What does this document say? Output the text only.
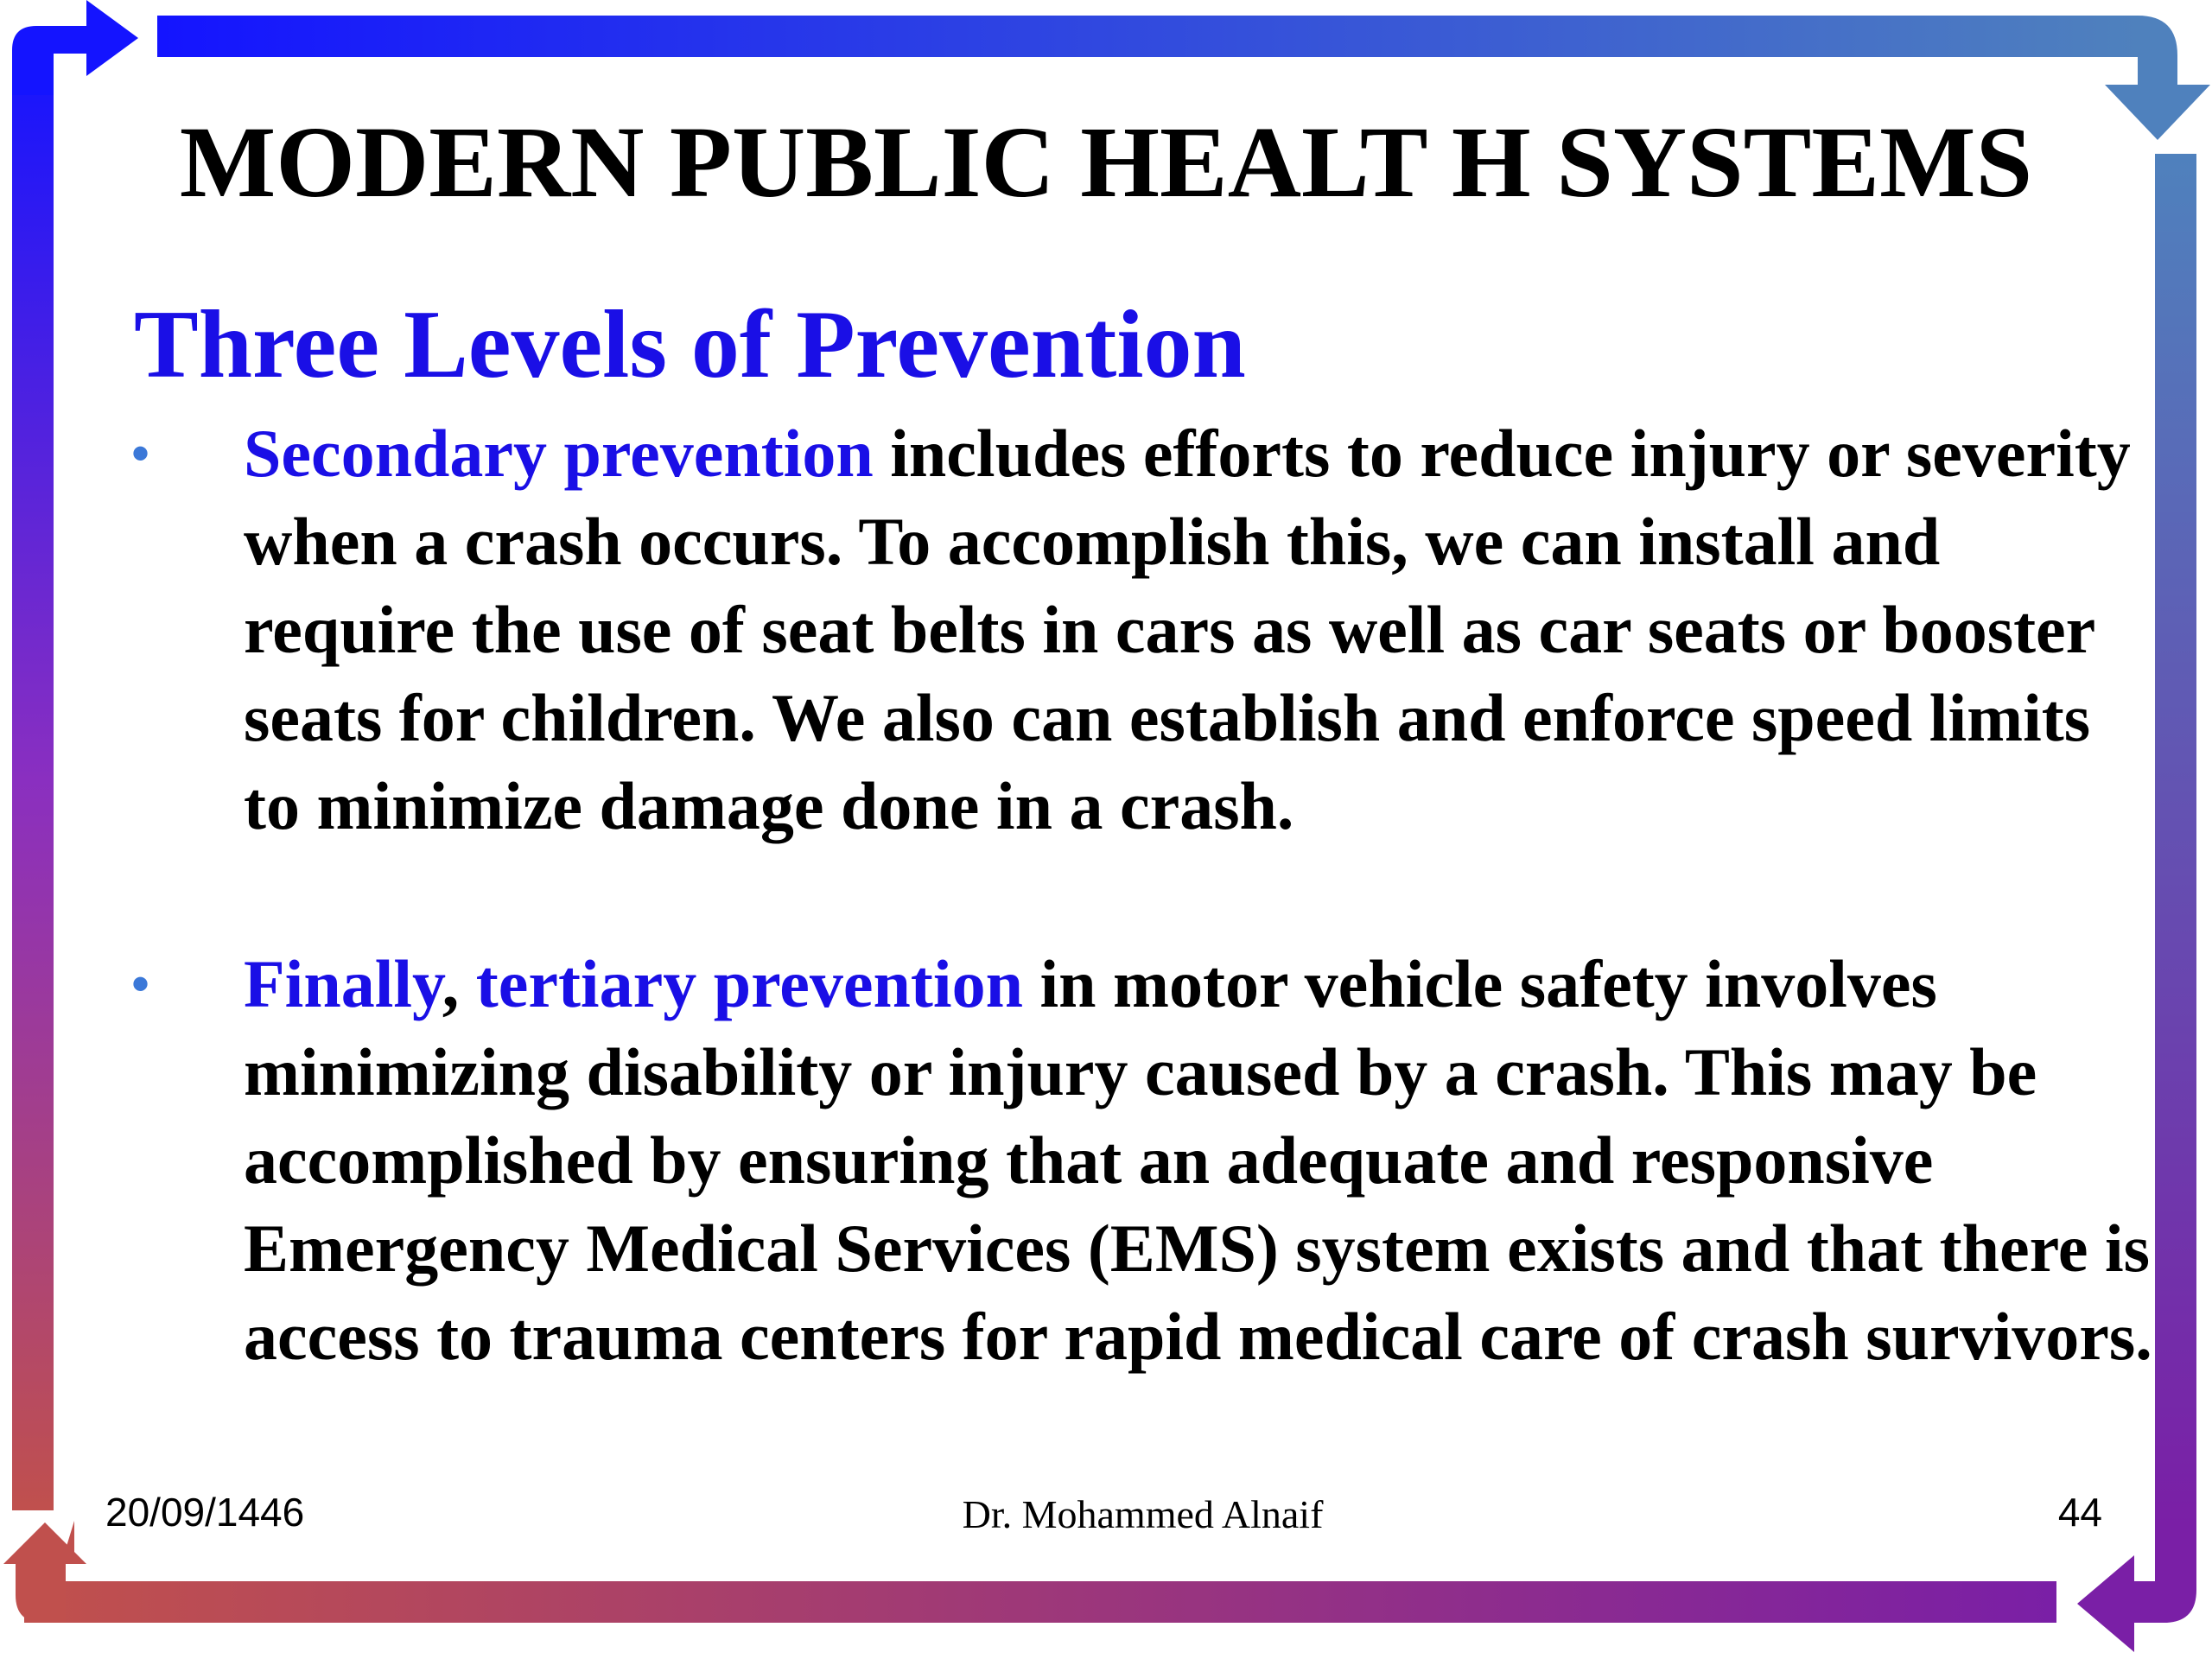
MODERN PUBLIC HEALT H SYSTEMS
Three Levels of Prevention
• Secondary prevention includes efforts to reduce injury or severity when a crash occurs. To accomplish this, we can install and require the use of seat belts in cars as well as car seats or booster seats for children. We also can establish and enforce speed limits to minimize damage done in a crash.
• Finally, tertiary prevention in motor vehicle safety involves minimizing disability or injury caused by a crash. This may be accomplished by ensuring that an adequate and responsive Emergency Medical Services (EMS) system exists and that there is access to trauma centers for rapid medical care of crash survivors.
20/09/1446	Dr. Mohammed Alnaif	44
